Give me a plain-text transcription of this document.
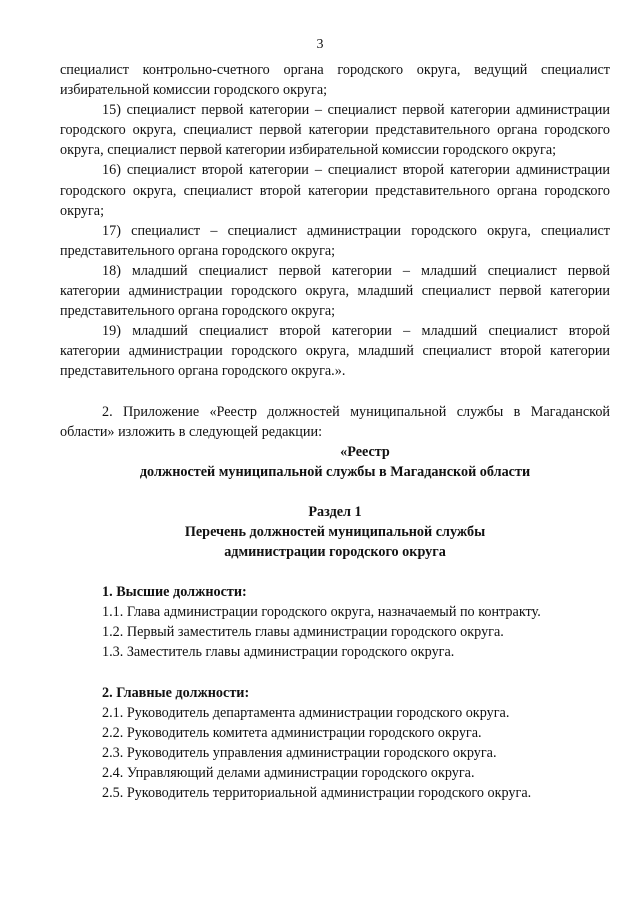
3

специалист контрольно-счетного органа городского округа, ведущий специалист избирательной комиссии городского округа;

15) специалист первой категории – специалист первой категории администрации городского округа, специалист первой категории представительного органа городского округа, специалист первой категории избирательной комиссии городского округа;

16) специалист второй категории – специалист второй категории администрации городского округа, специалист второй категории представительного органа городского округа;

17) специалист – специалист администрации городского округа, специалист представительного органа городского округа;

18) младший специалист первой категории – младший специалист первой категории администрации городского округа, младший специалист первой категории представительного органа городского округа;

19) младший специалист второй категории – младший специалист второй категории администрации городского округа, младший специалист второй категории представительного органа городского округа.».

2. Приложение «Реестр должностей муниципальной службы в Магаданской области» изложить в следующей редакции:

«Реестр

должностей муниципальной службы в Магаданской области

Раздел 1

Перечень должностей муниципальной службы

администрации городского округа

1. Высшие должности:

1.1. Глава администрации городского округа, назначаемый по контракту.

1.2. Первый заместитель главы администрации городского округа.

1.3. Заместитель главы администрации городского округа.

2. Главные должности:

2.1. Руководитель департамента администрации городского округа.

2.2. Руководитель комитета администрации городского округа.

2.3. Руководитель управления администрации городского округа.

2.4. Управляющий делами администрации городского округа.

2.5. Руководитель территориальной администрации городского округа.
